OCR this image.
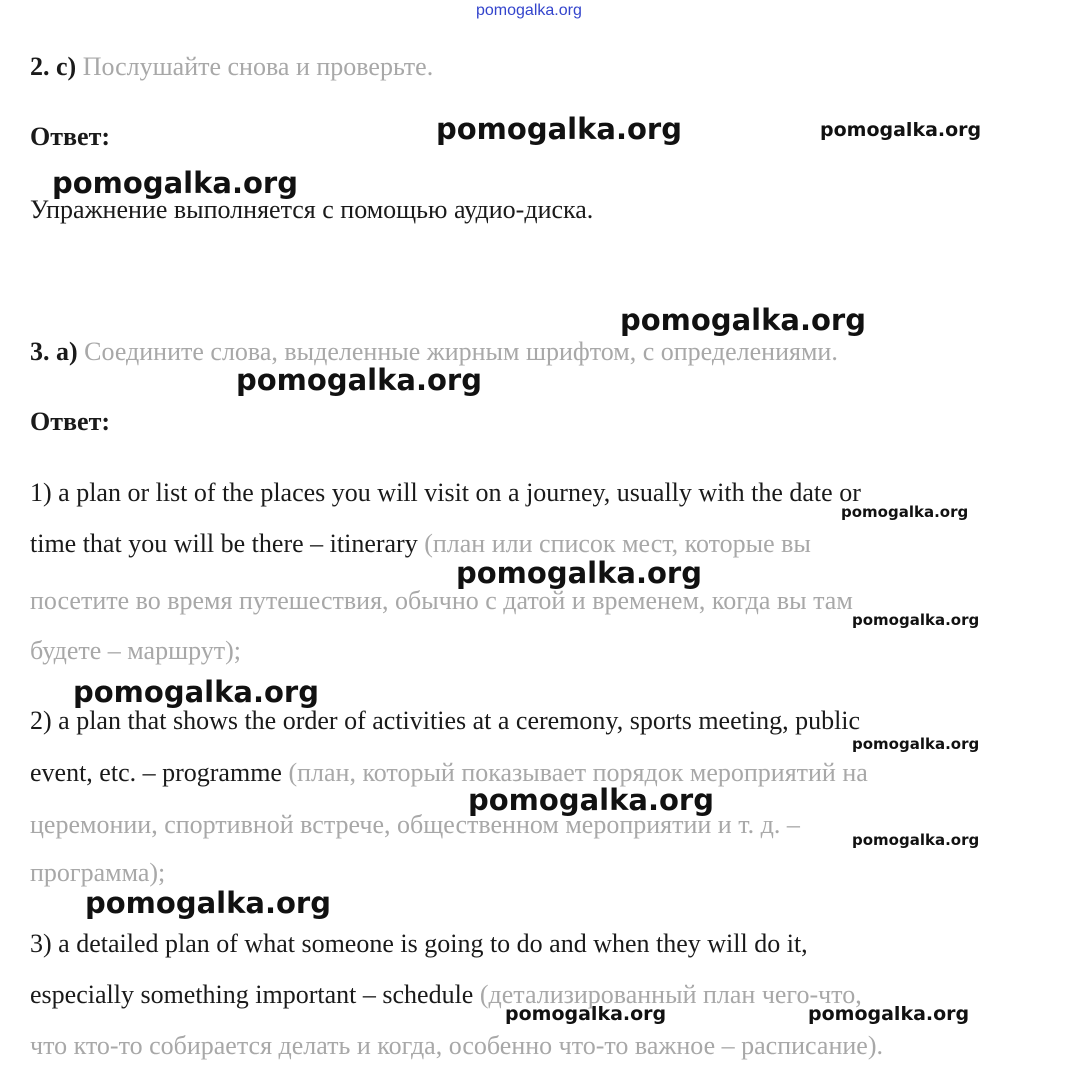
pomogalka.org
2. c) Послушайте снова и проверьте.
Ответ:
Упражнение выполняется с помощью аудио-диска.
3. a) Соедините слова, выделенные жирным шрифтом, с определениями.
Ответ:
1) a plan or list of the places you will visit on a journey, usually with the date or
time that you will be there – itinerary (план или список мест, которые вы
посетите во время путешествия, обычно с датой и временем, когда вы там
будете – маршрут);
2) a plan that shows the order of activities at a ceremony, sports meeting, public
event, etc. – programme (план, который показывает порядок мероприятий на
церемонии, спортивной встрече, общественном мероприятии и т. д. –
программа);
3) a detailed plan of what someone is going to do and when they will do it,
especially something important – schedule (детализированный план чего-что,
что кто-то собирается делать и когда, особенно что-то важное – расписание).
pomogalka.org	pomogalka.org
pomogalka.org
pomogalka.org
pomogalka.org
pomogalka.org
pomogalka.org
pomogalka.org
pomogalka.org
pomogalka.org
pomogalka.org
pomogalka.org
pomogalka.org
pomogalka.org	pomogalka.org
